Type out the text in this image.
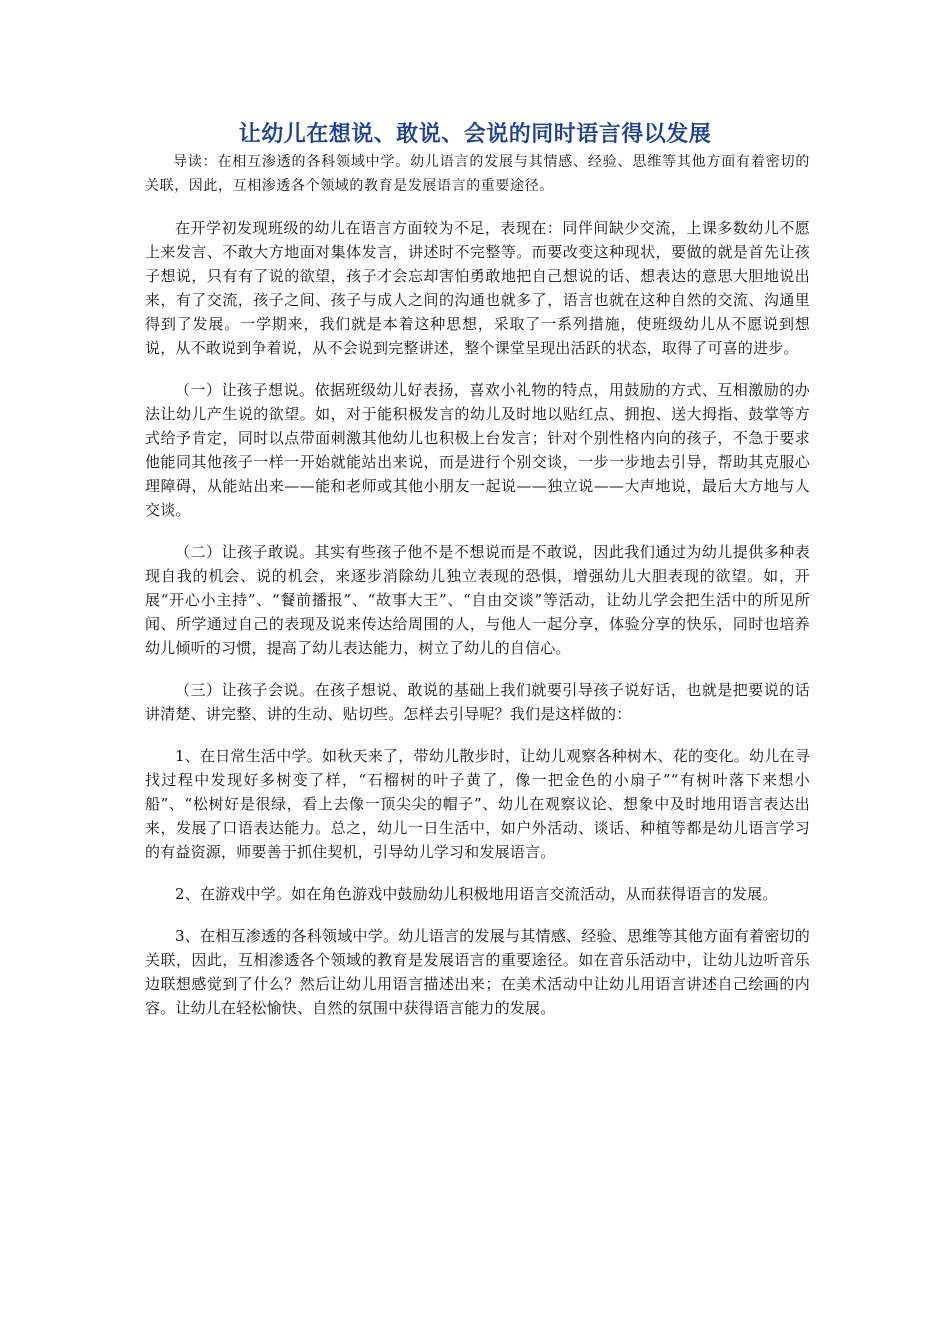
让幼儿在想说、敢说、会说的同时语言得以发展

导读：在相互渗透的各科领域中学。幼儿语言的发展与其情感、经验、思维等其他方面有着密切的关联，因此，互相渗透各个领域的教育是发展语言的重要途径。

在开学初发现班级的幼儿在语言方面较为不足，表现在：同伴间缺少交流，上课多数幼儿不愿上来发言、不敢大方地面对集体发言，讲述时不完整等。而要改变这种现状，要做的就是首先让孩子想说，只有有了说的欲望，孩子才会忘却害怕勇敢地把自己想说的话、想表达的意思大胆地说出来，有了交流，孩子之间、孩子与成人之间的沟通也就多了，语言也就在这种自然的交流、沟通里得到了发展。一学期来，我们就是本着这种思想，采取了一系列措施，使班级幼儿从不愿说到想说，从不敢说到争着说，从不会说到完整讲述，整个课堂呈现出活跃的状态，取得了可喜的进步。

（一）让孩子想说。依据班级幼儿好表扬，喜欢小礼物的特点，用鼓励的方式、互相激励的办法让幼儿产生说的欲望。如，对于能积极发言的幼儿及时地以贴红点、拥抱、送大拇指、鼓掌等方式给予肯定，同时以点带面刺激其他幼儿也积极上台发言；针对个别性格内向的孩子，不急于要求他能同其他孩子一样一开始就能站出来说，而是进行个别交谈，一步一步地去引导，帮助其克服心理障碍，从能站出来——能和老师或其他小朋友一起说——独立说——大声地说，最后大方地与人交谈。

（二）让孩子敢说。其实有些孩子他不是不想说而是不敢说，因此我们通过为幼儿提供多种表现自我的机会、说的机会，来逐步消除幼儿独立表现的恐惧，增强幼儿大胆表现的欲望。如，开展“开心小主持”、“餐前播报”、“故事大王”、“自由交谈”等活动，让幼儿学会把生活中的所见所闻、所学通过自己的表现及说来传达给周围的人，与他人一起分享，体验分享的快乐，同时也培养幼儿倾听的习惯，提高了幼儿表达能力，树立了幼儿的自信心。

（三）让孩子会说。在孩子想说、敢说的基础上我们就要引导孩子说好话，也就是把要说的话讲清楚、讲完整、讲的生动、贴切些。怎样去引导呢？我们是这样做的：

1、在日常生活中学。如秋天来了，带幼儿散步时，让幼儿观察各种树木、花的变化。幼儿在寻找过程中发现好多树变了样，“石榴树的叶子黄了，像一把金色的小扇子”“有树叶落下来想小船”、“松树好是很绿，看上去像一顶尖尖的帽子”、幼儿在观察议论、想象中及时地用语言表达出来，发展了口语表达能力。总之，幼儿一日生活中，如户外活动、谈话、种植等都是幼儿语言学习的有益资源，师要善于抓住契机，引导幼儿学习和发展语言。

2、在游戏中学。如在角色游戏中鼓励幼儿积极地用语言交流活动，从而获得语言的发展。

3、在相互渗透的各科领域中学。幼儿语言的发展与其情感、经验、思维等其他方面有着密切的关联，因此，互相渗透各个领域的教育是发展语言的重要途径。如在音乐活动中，让幼儿边听音乐边联想感觉到了什么？然后让幼儿用语言描述出来；在美术活动中让幼儿用语言讲述自己绘画的内容。让幼儿在轻松愉快、自然的氛围中获得语言能力的发展。
